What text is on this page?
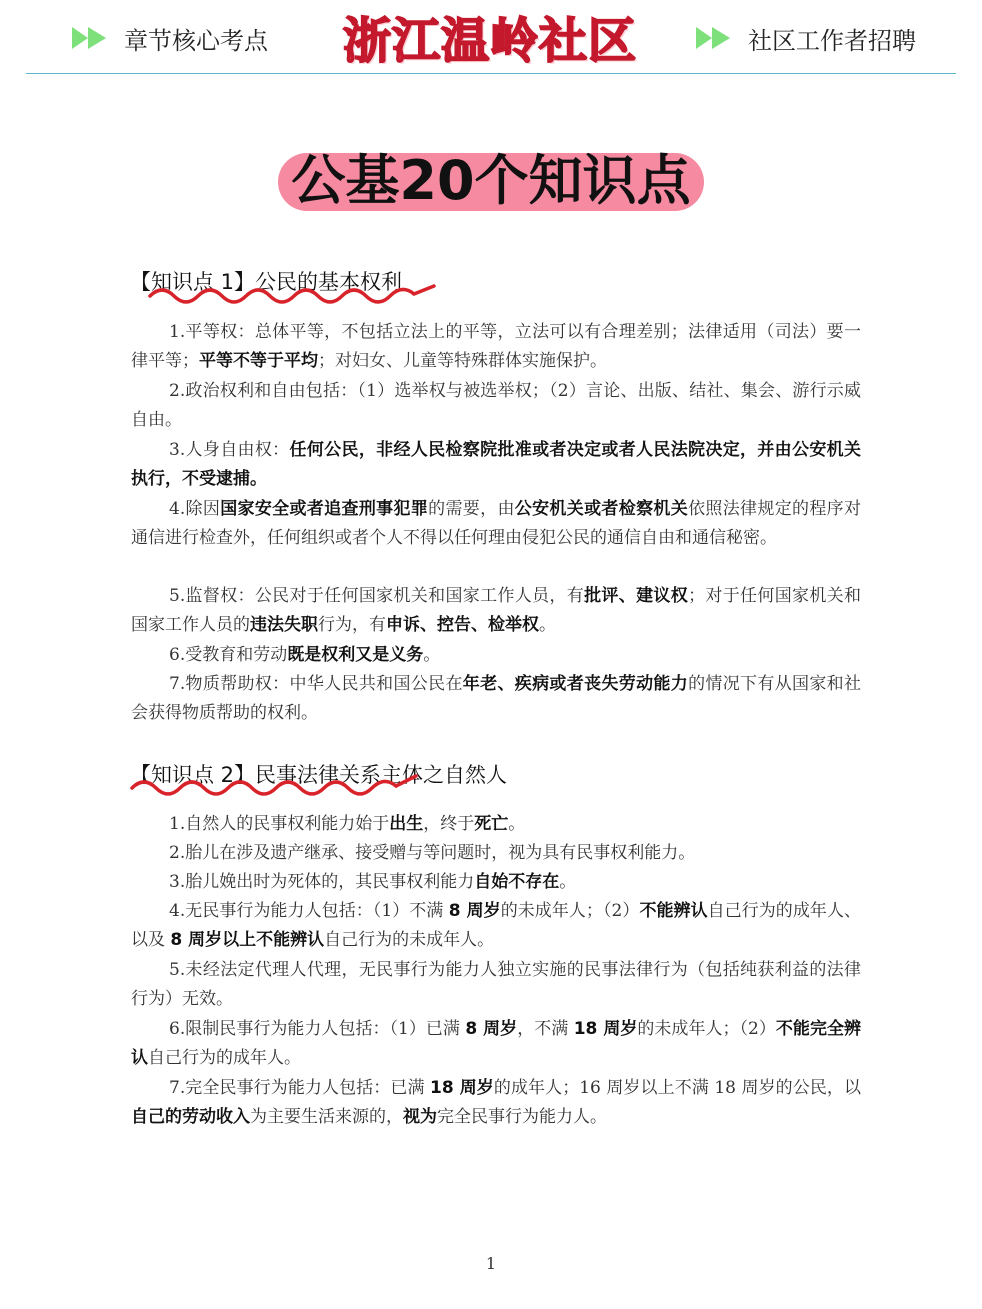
章节核心考点	浙江温岭社区	社区工作者招聘
公基20个知识点
【知识点 1】公民的基本权利
1.平等权：总体平等，不包括立法上的平等，立法可以有合理差别；法律适用（司法）要一律平等；平等不等于平均；对妇女、儿童等特殊群体实施保护。
2.政治权利和自由包括：（1）选举权与被选举权；（2）言论、出版、结社、集会、游行示威自由。
3.人身自由权：任何公民，非经人民检察院批准或者决定或者人民法院决定，并由公安机关执行，不受逮捕。
4.除因国家安全或者追查刑事犯罪的需要，由公安机关或者检察机关依照法律规定的程序对通信进行检查外，任何组织或者个人不得以任何理由侵犯公民的通信自由和通信秘密。
5.监督权：公民对于任何国家机关和国家工作人员，有批评、建议权；对于任何国家机关和国家工作人员的违法失职行为，有申诉、控告、检举权。
6.受教育和劳动既是权利又是义务。
7.物质帮助权：中华人民共和国公民在年老、疾病或者丧失劳动能力的情况下有从国家和社会获得物质帮助的权利。
【知识点 2】民事法律关系主体之自然人
1.自然人的民事权利能力始于出生，终于死亡。
2.胎儿在涉及遗产继承、接受赠与等问题时，视为具有民事权利能力。
3.胎儿娩出时为死体的，其民事权利能力自始不存在。
4.无民事行为能力人包括：（1）不满 8 周岁的未成年人；（2）不能辨认自己行为的成年人、以及 8 周岁以上不能辨认自己行为的未成年人。
5.未经法定代理人代理，无民事行为能力人独立实施的民事法律行为（包括纯获利益的法律行为）无效。
6.限制民事行为能力人包括：（1）已满 8 周岁，不满 18 周岁的未成年人；（2）不能完全辨认自己行为的成年人。
7.完全民事行为能力人包括：已满 18 周岁的成年人；16 周岁以上不满 18 周岁的公民，以自己的劳动收入为主要生活来源的，视为完全民事行为能力人。
1
